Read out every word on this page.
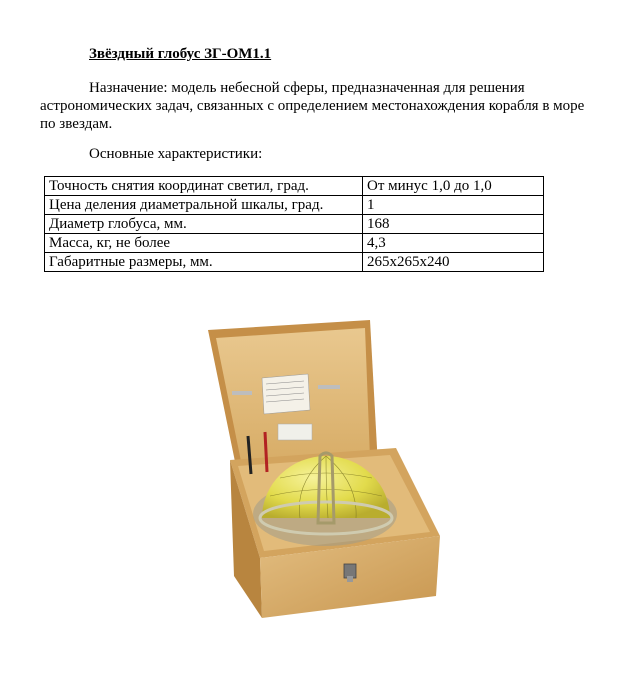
Звёздный глобус ЗГ-ОМ1.1
Назначение: модель небесной сферы, предназначенная для решения астрономических задач, связанных с определением местонахождения корабля в море по звездам.
Основные характеристики:
Точность снятия координат светил, град.	От минус 1,0 до 1,0
Цена деления диаметральной шкалы, град.	1
Диаметр глобуса, мм.	168
Масса, кг, не более	4,3
Габаритные размеры, мм.	265x265x240
